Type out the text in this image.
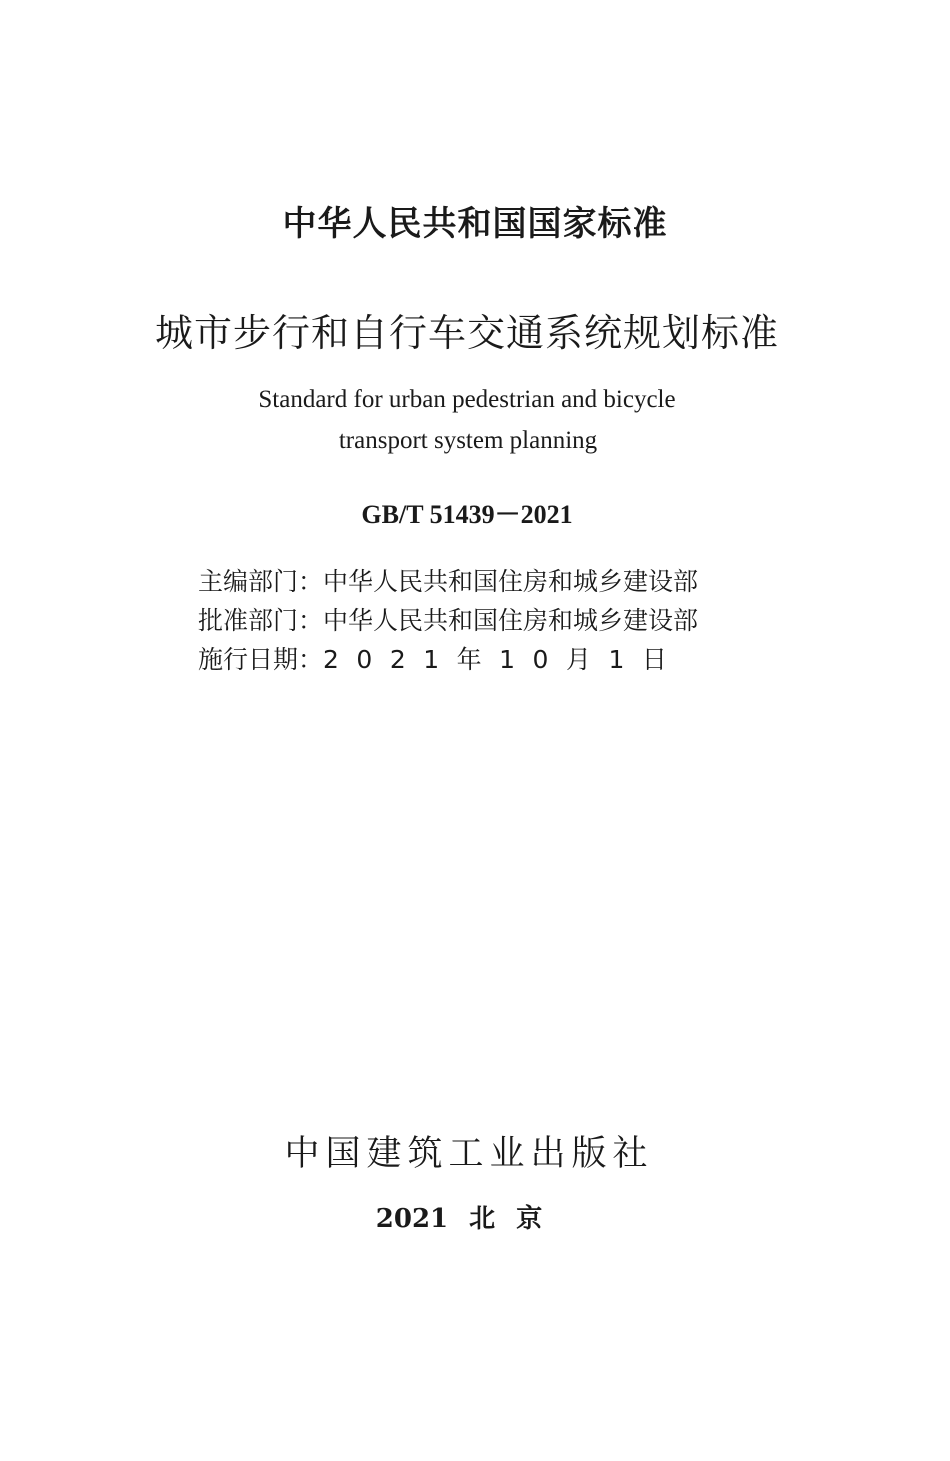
中华人民共和国国家标准
城市步行和自行车交通系统规划标准
Standard for urban pedestrian and bicycle
transport system planning
GB/T 51439－2021
主编部门：中华人民共和国住房和城乡建设部
批准部门：中华人民共和国住房和城乡建设部
施行日期：2021年10月1日
中国建筑工业出版社
2021 北 京
